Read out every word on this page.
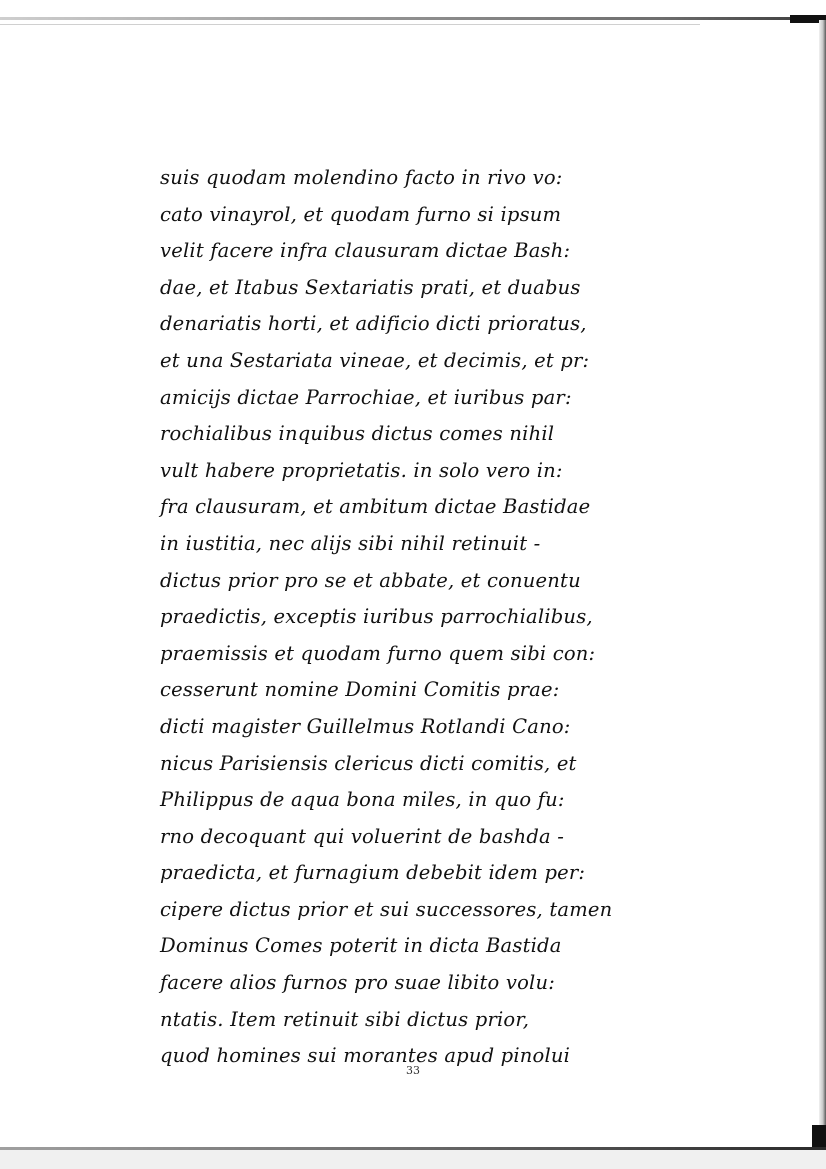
suis quodam molendino facto in rivo vo:
cato vinayrol, et quodam furno si ipsum
velit facere infra clausuram dictae Bash:
dae, et Itabus Sextariatis prati, et duabus
denariatis horti, et adificio dicti prioratus,
et una Sestariata vineae, et decimis, et pr:
amicijs dictae Parrochiae, et iuribus par:
rochialibus inquibus dictus comes nihil
vult habere proprietatis. in solo vero in:
fra clausuram, et ambitum dictae Bastidae
in iustitia, nec alijs sibi nihil retinuit -
dictus prior pro se et abbate, et conuentu
praedictis, exceptis iuribus parrochialibus,
praemissis et quodam furno quem sibi con:
cesserunt nomine Domini Comitis prae:
dicti magister Guillelmus Rotlandi Cano:
nicus Parisiensis clericus dicti comitis, et
Philippus de aqua bona miles, in quo fu:
rno decoquant qui voluerint de bashda -
praedicta, et furnagium debebit idem per:
cipere dictus prior et sui successores, tamen
Dominus Comes poterit in dicta Bastida
facere alios furnos pro suae libito volu:
ntatis. Item retinuit sibi dictus prior,
quod homines sui morantes apud pinolui
33
